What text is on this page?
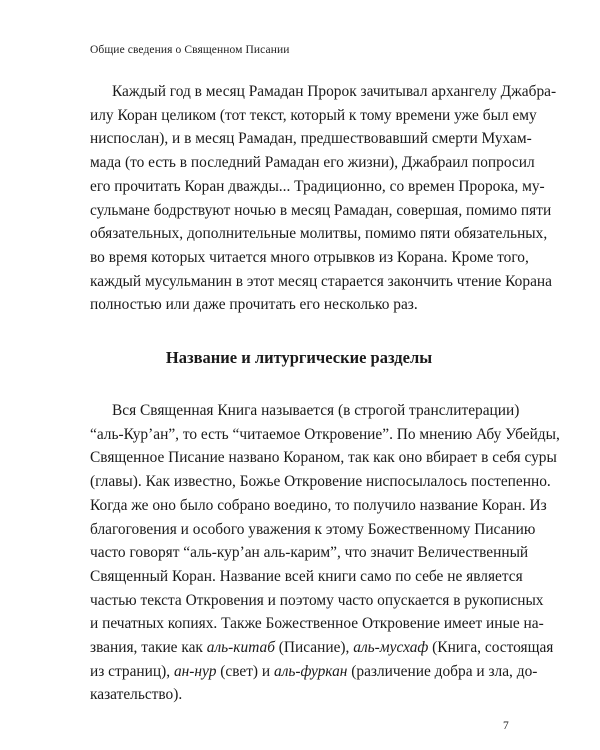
Общие сведения о Священном Писании
Каждый год в месяц Рамадан Пророк зачитывал архангелу Джабра-
илу Коран целиком (тот текст, который к тому времени уже был ему
ниспослан), и в месяц Рамадан, предшествовавший смерти Мухам-
мада (то есть в последний Рамадан его жизни), Джабраил попросил
его прочитать Коран дважды... Традиционно, со времен Пророка, му-
сульмане бодрствуют ночью в месяц Рамадан, совершая, помимо пяти
обязательных, дополнительные молитвы, помимо пяти обязательных,
во время которых читается много отрывков из Корана. Кроме того,
каждый мусульманин в этот месяц старается закончить чтение Корана
полностью или даже прочитать его несколько раз.
Название и литургические разделы
Вся Священная Книга называется (в строгой транслитерации)
“аль-Кур’ан”, то есть “читаемое Откровение”. По мнению Абу Убейды,
Священное Писание названо Кораном, так как оно вбирает в себя суры
(главы). Как известно, Божье Откровение ниспосылалось постепенно.
Когда же оно было собрано воедино, то получило название Коран. Из
благоговения и особого уважения к этому Божественному Писанию
часто говорят “аль-кур’ан аль-карим”, что значит Величественный
Священный Коран. Название всей книги само по себе не является
частью текста Откровения и поэтому часто опускается в рукописных
и печатных копиях. Также Божественное Откровение имеет иные на-
звания, такие как аль-китаб (Писание), аль-мусхаф (Книга, состоящая
из страниц), ан-нур (свет) и аль-фуркан (различение добра и зла, до-
казательство).
7
